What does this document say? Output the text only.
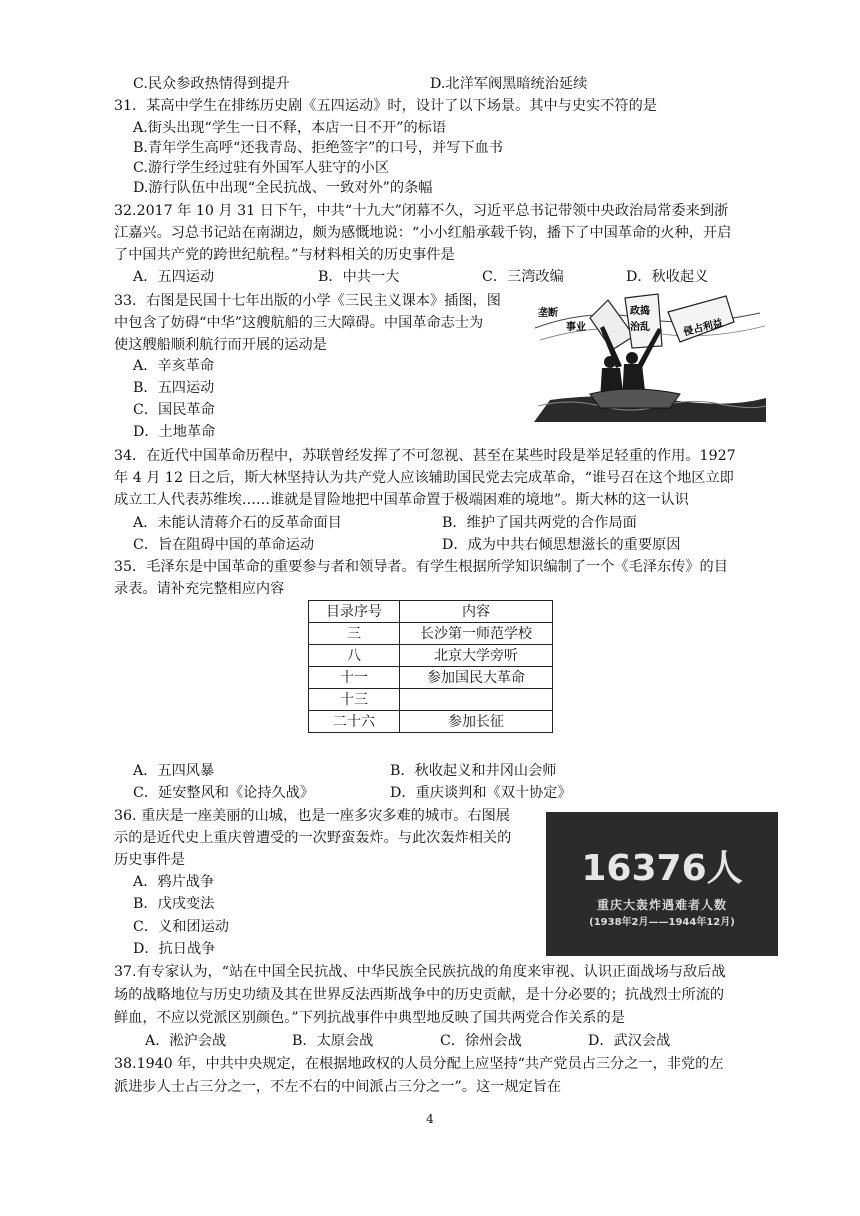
C.民众参政热情得到提升	D.北洋军阀黑暗统治延续
31．某高中学生在排练历史剧《五四运动》时，设计了以下场景。其中与史实不符的是
A.街头出现“学生一日不释，本店一日不开”的标语
B.青年学生高呼“还我青岛、拒绝签字”的口号，并写下血书
C.游行学生经过驻有外国军人驻守的小区
D.游行队伍中出现“全民抗战、一致对外”的条幅
32.2017 年 10 月 31 日下午，中共“十九大”闭幕不久，习近平总书记带领中央政治局常委来到浙
江嘉兴。习总书记站在南湖边，颇为感慨地说：“小小红船承载千钧，播下了中国革命的火种，开启
了中国共产党的跨世纪航程。”与材料相关的历史事件是
A．五四运动	B．中共一大	C．三湾改编	D．秋收起义
33．右图是民国十七年出版的小学《三民主义课本》插图，图
中包含了妨碍“中华”这艘航船的三大障碍。中国革命志士为
使这艘船顺利航行而开展的运动是
A．辛亥革命
B．五四运动
C．国民革命
D．土地革命
垄断
事业
政捣
治乱	侵占利益
34．在近代中国革命历程中，苏联曾经发挥了不可忽视、甚至在某些时段是举足轻重的作用。1927
年 4 月 12 日之后，斯大林坚持认为共产党人应该辅助国民党去完成革命，“谁号召在这个地区立即
成立工人代表苏维埃……谁就是冒险地把中国革命置于极端困难的境地”。斯大林的这一认识
A．未能认清蒋介石的反革命面目	B．维护了国共两党的合作局面
C．旨在阻碍中国的革命运动	D．成为中共右倾思想滋长的重要原因
35．毛泽东是中国革命的重要参与者和领导者。有学生根据所学知识编制了一个《毛泽东传》的目
录表。请补充完整相应内容
目录序号	内容
三	长沙第一师范学校
八	北京大学旁听
十一	参加国民大革命
十三	
二十六	参加长征
A．五四风暴	B．秋收起义和井冈山会师
C．延安整风和《论持久战》	D．重庆谈判和《双十协定》
36. 重庆是一座美丽的山城，也是一座多灾多难的城市。右图展
示的是近代史上重庆曾遭受的一次野蛮轰炸。与此次轰炸相关的
历史事件是
A．鸦片战争
B．戊戌变法
C．义和团运动
D．抗日战争
16376人
重庆大轰炸遇难者人数
(1938年2月——1944年12月)
37.有专家认为，“站在中国全民抗战、中华民族全民族抗战的角度来审视、认识正面战场与敌后战
场的战略地位与历史功绩及其在世界反法西斯战争中的历史贡献，是十分必要的；抗战烈士所流的
鲜血，不应以党派区别颜色。”下列抗战事件中典型地反映了国共两党合作关系的是
A．淞沪会战	B．太原会战	C．徐州会战	D．武汉会战
38.1940 年，中共中央规定，在根据地政权的人员分配上应坚持“共产党员占三分之一，非党的左
派进步人士占三分之一，不左不右的中间派占三分之一”。这一规定旨在
4
